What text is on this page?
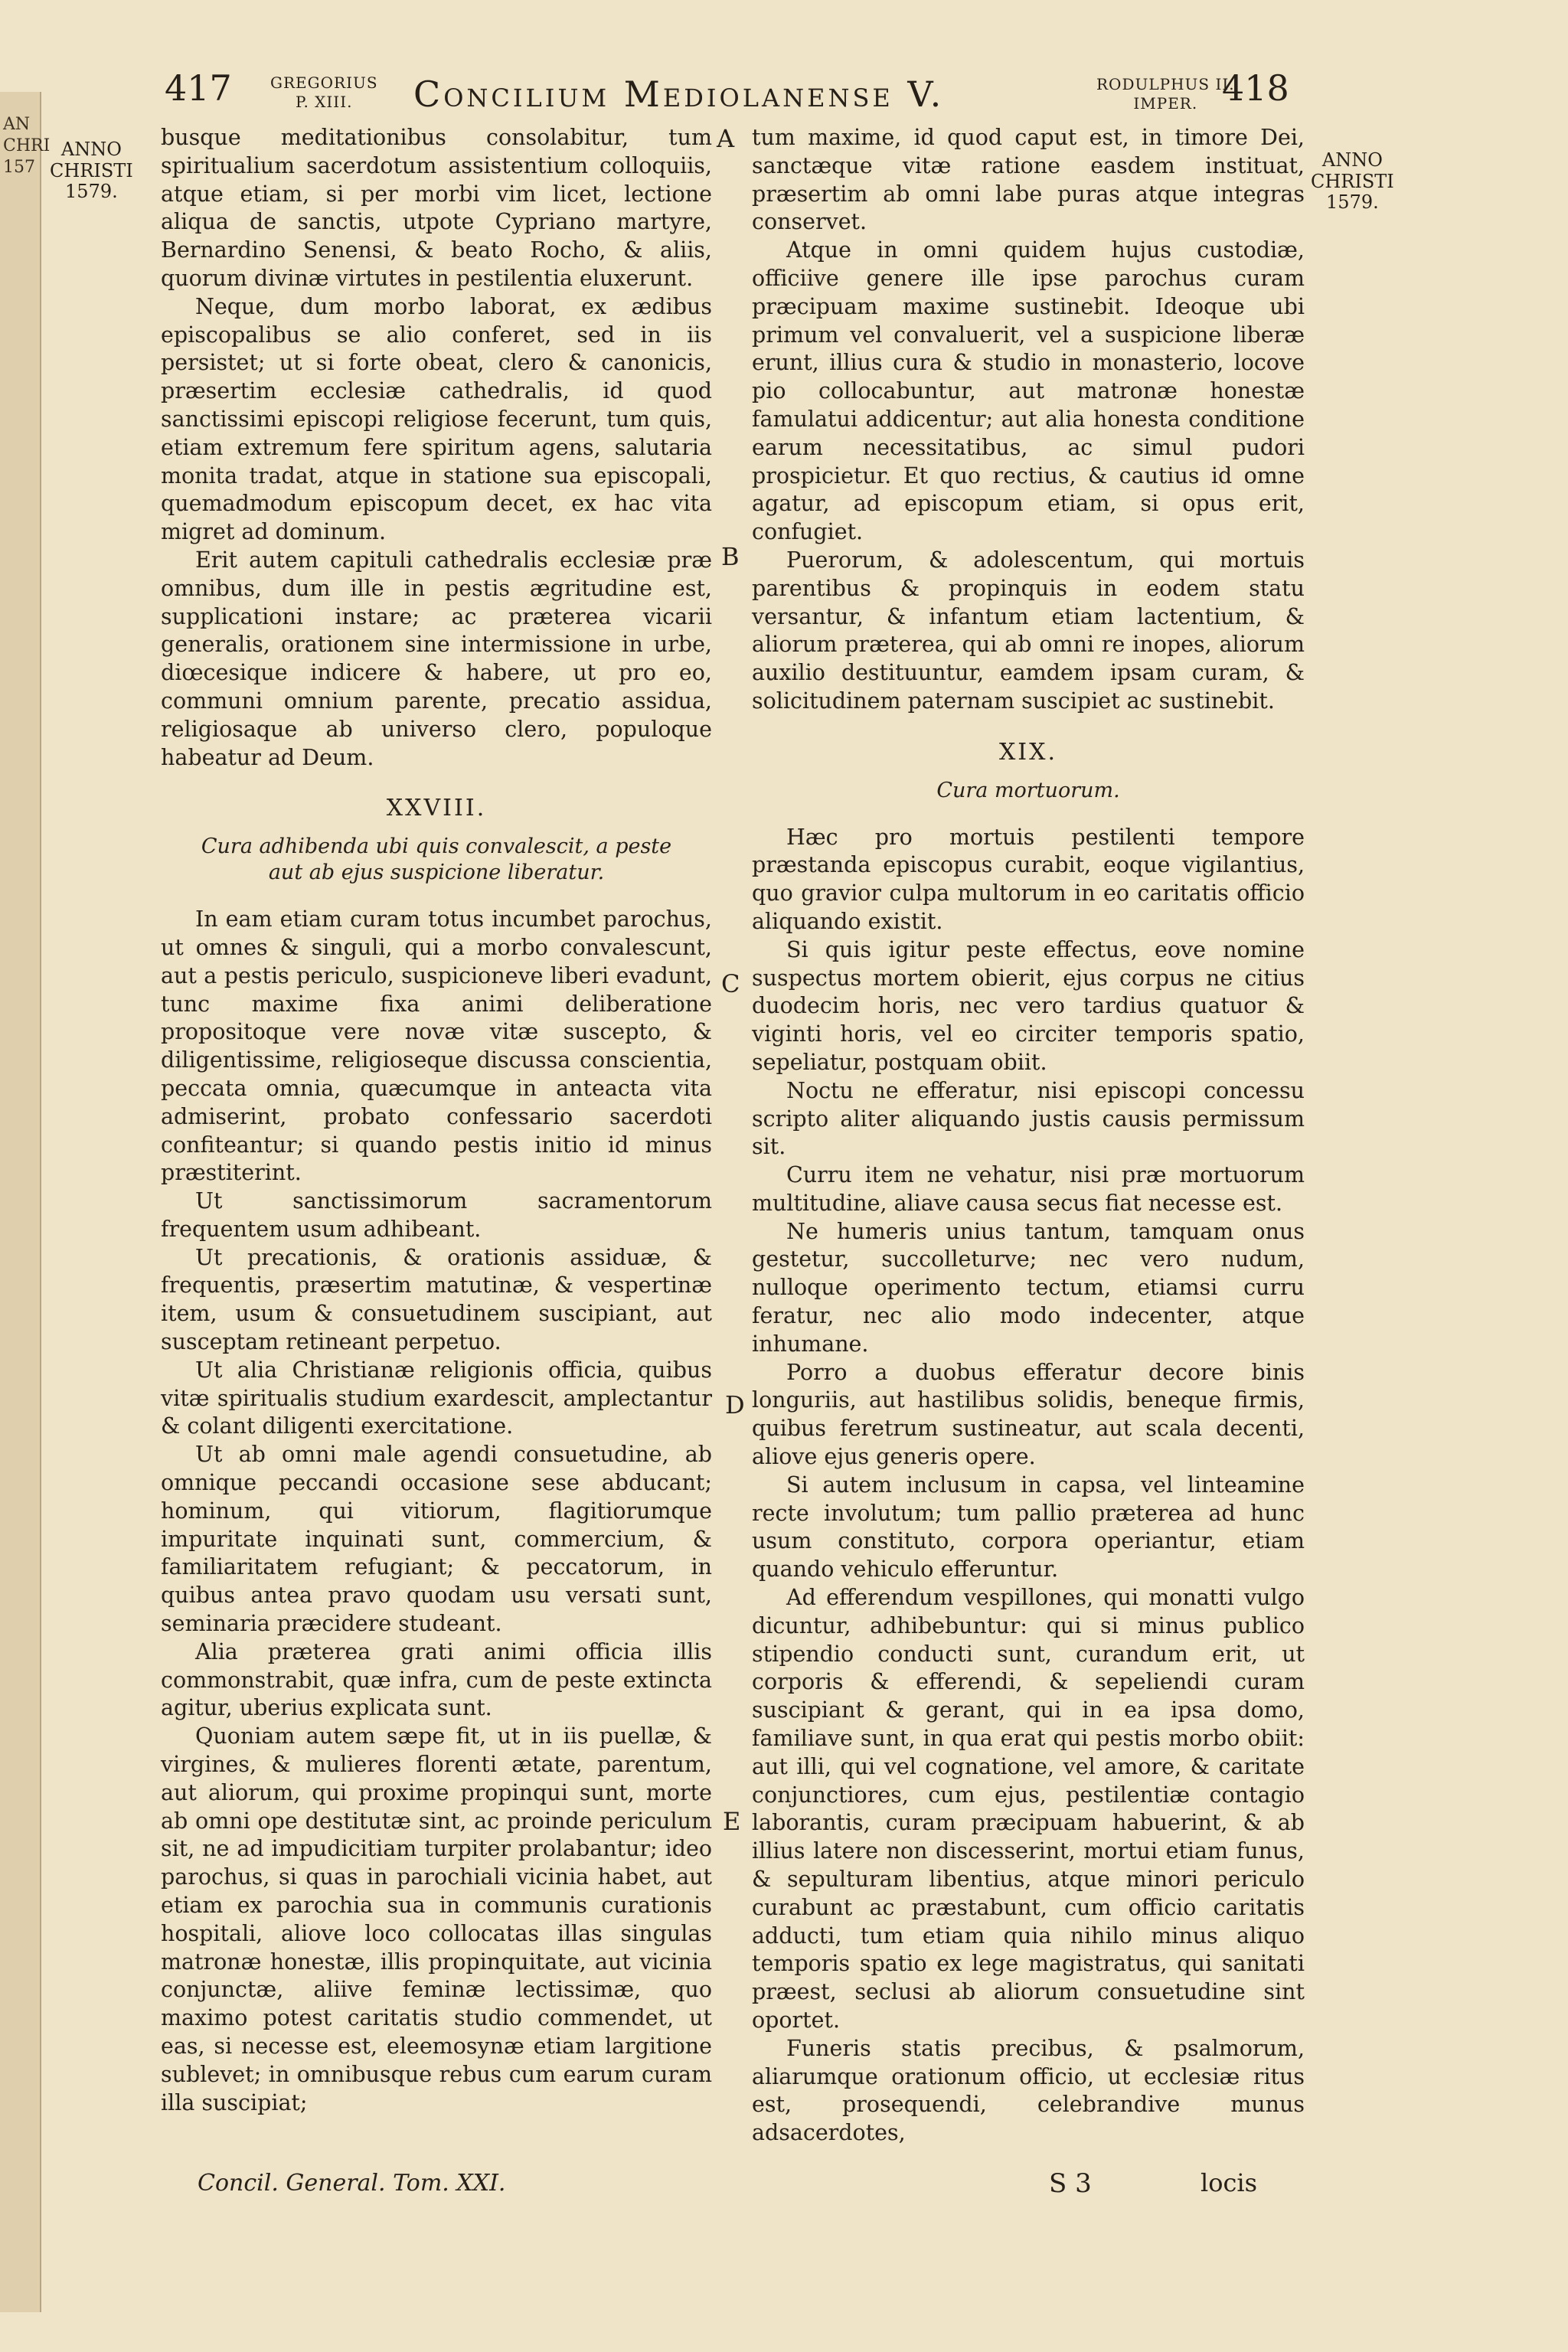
AN
CHRI
157
417	GREGORIUS
P. XIII.	Concilium Mediolanense V.	RODULPHUS II.
IMPER. 418
ANNO
CHRISTI
1579.
ANNO
CHRISTI
1579.
A
B
C
D
E

busque meditationibus consolabitur, tum spiritualium sacerdotum assistentium colloquiis, atque etiam, si per morbi vim licet, lectione aliqua de sanctis, utpote Cypriano martyre, Bernardino Senensi, & beato Rocho, & aliis, quorum divinæ virtutes in pestilentia eluxerunt.

Neque, dum morbo laborat, ex ædibus episcopalibus se alio conferet, sed in iis persistet; ut si forte obeat, clero & canonicis, præsertim ecclesiæ cathedralis, id quod sanctissimi episcopi religiose fecerunt, tum quis, etiam extremum fere spiritum agens, salutaria monita tradat, atque in statione sua episcopali, quemadmodum episcopum decet, ex hac vita migret ad dominum.

Erit autem capituli cathedralis ecclesiæ præ omnibus, dum ille in pestis ægritudine est, supplicationi instare; ac præterea vicarii generalis, orationem sine intermissione in urbe, diœcesique indicere & habere, ut pro eo, communi omnium parente, precatio assidua, religiosaque ab universo clero, populoque habeatur ad Deum.

XXVIII.
Cura adhibenda ubi quis convalescit, a peste aut ab ejus suspicione liberatur.

In eam etiam curam totus incumbet parochus, ut omnes & singuli, qui a morbo convalescunt, aut a pestis periculo, suspicioneve liberi evadunt, tunc maxime fixa animi deliberatione propositoque vere novæ vitæ suscepto, & diligentissime, religioseque discussa conscientia, peccata omnia, quæcumque in anteacta vita admiserint, probato confessario sacerdoti confiteantur; si quando pestis initio id minus præstiterint.

Ut sanctissimorum sacramentorum frequentem usum adhibeant.

Ut precationis, & orationis assiduæ, & frequentis, præsertim matutinæ, & vespertinæ item, usum & consuetudinem suscipiant, aut susceptam retineant perpetuo.

Ut alia Christianæ religionis officia, quibus vitæ spiritualis studium exardescit, amplectantur & colant diligenti exercitatione.

Ut ab omni male agendi consuetudine, ab omnique peccandi occasione sese abducant; hominum, qui vitiorum, flagitiorumque impuritate inquinati sunt, commercium, & familiaritatem refugiant; & peccatorum, in quibus antea pravo quodam usu versati sunt, seminaria præcidere studeant.

Alia præterea grati animi officia illis commonstrabit, quæ infra, cum de peste extincta agitur, uberius explicata sunt.

Quoniam autem sæpe fit, ut in iis puellæ, & virgines, & mulieres florenti ætate, parentum, aut aliorum, qui proxime propinqui sunt, morte ab omni ope destitutæ sint, ac proinde periculum sit, ne ad impudicitiam turpiter prolabantur; ideo parochus, si quas in parochiali vicinia habet, aut etiam ex parochia sua in communis curationis hospitali, aliove loco collocatas illas singulas matronæ honestæ, illis propinquitate, aut vicinia conjunctæ, aliive feminæ lectissimæ, quo maximo potest caritatis studio commendet, ut eas, si necesse est, eleemosynæ etiam largitione sublevet; in omnibusque rebus cum earum curam illa suscipiat;

tum maxime, id quod caput est, in timore Dei, sanctæque vitæ ratione easdem instituat, præsertim ab omni labe puras atque integras conservet.

Atque in omni quidem hujus custodiæ, officiive genere ille ipse parochus curam præcipuam maxime sustinebit. Ideoque ubi primum vel convaluerit, vel a suspicione liberæ erunt, illius cura & studio in monasterio, locove pio collocabuntur, aut matronæ honestæ famulatui addicentur; aut alia honesta conditione earum necessitatibus, ac simul pudori prospicietur. Et quo rectius, & cautius id omne agatur, ad episcopum etiam, si opus erit, confugiet.

Puerorum, & adolescentum, qui mortuis parentibus & propinquis in eodem statu versantur, & infantum etiam lactentium, & aliorum præterea, qui ab omni re inopes, aliorum auxilio destituuntur, eamdem ipsam curam, & solicitudinem paternam suscipiet ac sustinebit.

XIX.
Cura mortuorum.

Hæc pro mortuis pestilenti tempore præstanda episcopus curabit, eoque vigilantius, quo gravior culpa multorum in eo caritatis officio aliquando existit.

Si quis igitur peste effectus, eove nomine suspectus mortem obierit, ejus corpus ne citius duodecim horis, nec vero tardius quatuor & viginti horis, vel eo circiter temporis spatio, sepeliatur, postquam obiit.

Noctu ne efferatur, nisi episcopi concessu scripto aliter aliquando justis causis permissum sit.

Curru item ne vehatur, nisi præ mortuorum multitudine, aliave causa secus fiat necesse est.

Ne humeris unius tantum, tamquam onus gestetur, succolleturve; nec vero nudum, nulloque operimento tectum, etiamsi curru feratur, nec alio modo indecenter, atque inhumane.

Porro a duobus efferatur decore binis longuriis, aut hastilibus solidis, beneque firmis, quibus feretrum sustineatur, aut scala decenti, aliove ejus generis opere.

Si autem inclusum in capsa, vel linteamine recte involutum; tum pallio præterea ad hunc usum constituto, corpora operiantur, etiam quando vehiculo efferuntur.

Ad efferendum vespillones, qui monatti vulgo dicuntur, adhibebuntur: qui si minus publico stipendio conducti sunt, curandum erit, ut corporis & efferendi, & sepeliendi curam suscipiant & gerant, qui in ea ipsa domo, familiave sunt, in qua erat qui pestis morbo obiit: aut illi, qui vel cognatione, vel amore, & caritate conjunctiores, cum ejus, pestilentiæ contagio laborantis, curam præcipuam habuerint, & ab illius latere non discesserint, mortui etiam funus, & sepulturam libentius, atque minori periculo curabunt ac præstabunt, cum officio caritatis adducti, tum etiam quia nihilo minus aliquo temporis spatio ex lege magistratus, qui sanitati præest, seclusi ab aliorum consuetudine sint oportet.

Funeris statis precibus, & psalmorum, aliarumque orationum officio, ut ecclesiæ ritus est, prosequendi, celebrandive munus adsacerdotes,

Concil. General. Tom. XXI.	S 3	locis
